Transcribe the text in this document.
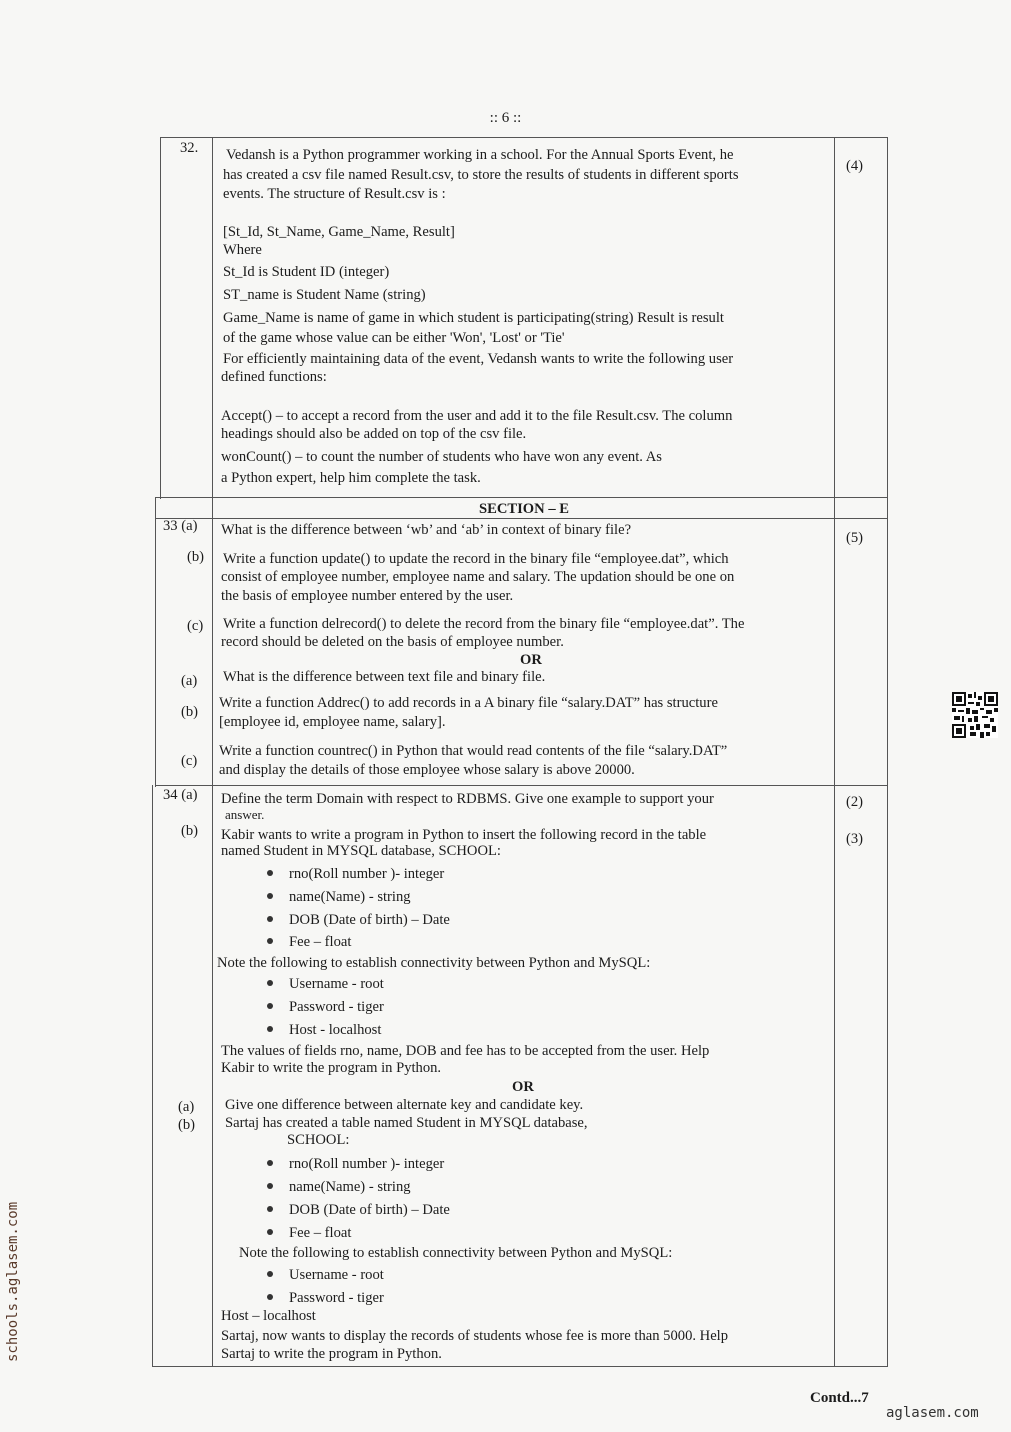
:: 6 ::
32.
(4)
Vedansh is a Python programmer working in a school. For the Annual Sports Event, he
has created a csv file named Result.csv, to store the results of students in different sports
events. The structure of Result.csv is :
[St_Id, St_Name, Game_Name, Result]
Where
St_Id is Student ID (integer)
ST_name is Student Name (string)
Game_Name is name of game in which student is participating(string) Result is result
of the game whose value can be either 'Won', 'Lost' or 'Tie'
For efficiently maintaining data of the event, Vedansh wants to write the following user
defined functions:
Accept() – to accept a record from the user and add it to the file Result.csv. The column
headings should also be added on top of the csv file.
wonCount() – to count the number of students who have won any event. As
a Python expert, help him complete the task.
SECTION – E
33 (a)
(5)
What is the difference between ‘wb’ and ‘ab’ in context of binary file?
(b) Write a function update() to update the record in the binary file “employee.dat”, which
consist of employee number, employee name and salary. The updation should be one on
the basis of employee number entered by the user.
(c) Write a function delrecord() to delete the record from the binary file “employee.dat”. The
record should be deleted on the basis of employee number.
OR
(a) What is the difference between text file and binary file.
(b)
Write a function Addrec() to add records in a A binary file “salary.DAT” has structure
[employee id, employee name, salary].
(c)
Write a function countrec() in Python that would read contents of the file “salary.DAT”
and display the details of those employee whose salary is above 20000.
34 (a)	(2)
Define the term Domain with respect to RDBMS. Give one example to support your
answer.
(b)	(3)
Kabir wants to write a program in Python to insert the following record in the table
named Student in MYSQL database, SCHOOL:
rno(Roll number )- integer
name(Name) - string
DOB (Date of birth) – Date
Fee – float
Note the following to establish connectivity between Python and MySQL:
Username - root
Password - tiger
Host - localhost
The values of fields rno, name, DOB and fee has to be accepted from the user. Help
Kabir to write the program in Python.
OR
(a) Give one difference between alternate key and candidate key.
(b) Sartaj has created a table named Student in MYSQL database,
SCHOOL:
rno(Roll number )- integer
name(Name) - string
DOB (Date of birth) – Date
Fee – float
Note the following to establish connectivity between Python and MySQL:
Username - root
Password - tiger
Host – localhost
Sartaj, now wants to display the records of students whose fee is more than 5000. Help
Sartaj to write the program in Python.
Contd...7
schools.aglasem.com
aglasem.com
